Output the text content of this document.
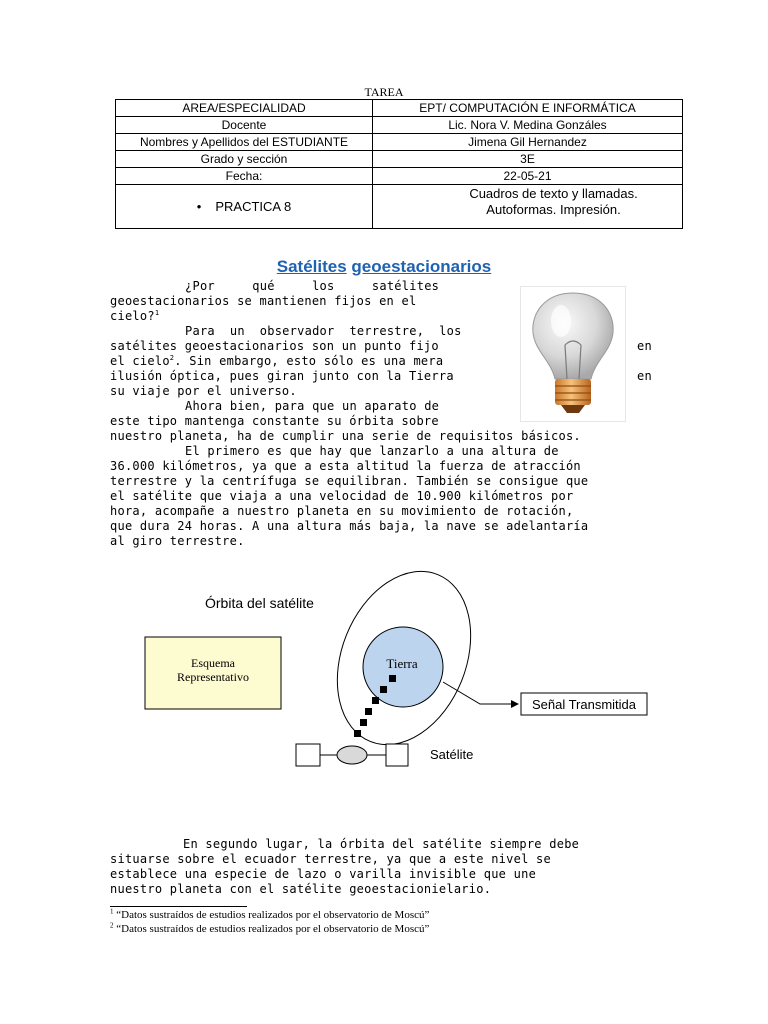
TAREA
AREA/ESPECIALIDAD	EPT/ COMPUTACIÓN E INFORMÁTICA
Docente	Lic. Nora V. Medina Gonzáles
Nombres y Apellidos del ESTUDIANTE	Jimena Gil Hernandez
Grado y sección	3E
Fecha:	22-05-21
• PRACTICA 8	Cuadros de texto y llamadas.
Autoformas. Impresión.
Satélites geoestacionarios
¿Por     qué     los     satélites
geoestacionarios se mantienen fijos en el
cielo?$^1$
Para  un  observador  terrestre,  los
satélites geoestacionarios son un punto fijo	en
el cielo$^2$. Sin embargo, esto sólo es una mera
ilusión óptica, pues giran junto con la Tierra	en
su viaje por el universo.
Ahora bien, para que un aparato de
este tipo mantenga constante su órbita sobre
nuestro planeta, ha de cumplir una serie de requisitos básicos.
El primero es que hay que lanzarlo a una altura de
36.000 kilómetros, ya que a esta altitud la fuerza de atracción
terrestre y la centrífuga se equilibran. También se consigue que
el satélite que viaja a una velocidad de 10.900 kilómetros por
hora, acompañe a nuestro planeta en su movimiento de rotación,
que dura 24 horas. A una altura más baja, la nave se adelantaría
al giro terrestre.
Órbita del satélite
Esquema
Representativo
Tierra
Señal Transmitida
Satélite
En segundo lugar, la órbita del satélite siempre debe
situarse sobre el ecuador terrestre, ya que a este nivel se
establece una especie de lazo o varilla invisible que une
nuestro planeta con el satélite geoestacionielario.
$^1$ “Datos sustraídos de estudios realizados por el observatorio de Moscú”
$^2$ “Datos sustraídos de estudios realizados por el observatorio de Moscú”
